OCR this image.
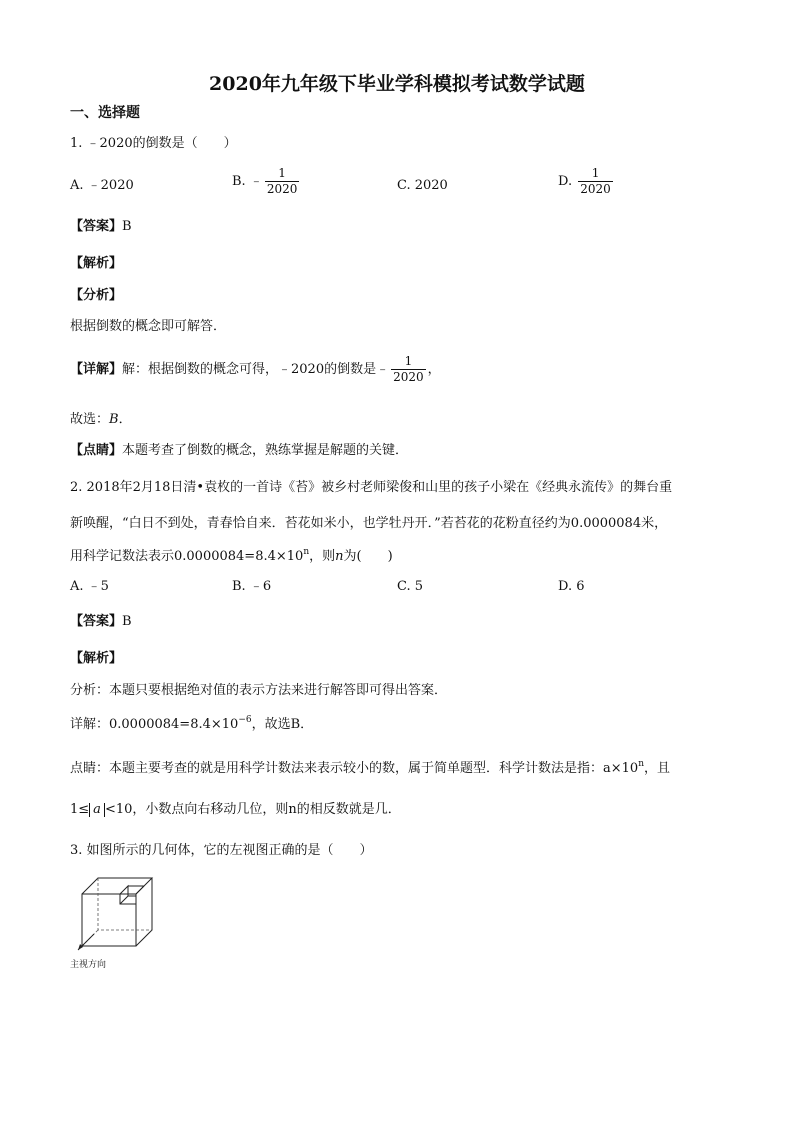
2020年九年级下毕业学科模拟考试数学试题
一、选择题
1. ﹣2020的倒数是（　　）
A. ﹣2020	B. ﹣ $\frac{1}{2020}$	C. 2020	D. $\frac{1}{2020}$
【答案】B
【解析】
【分析】
根据倒数的概念即可解答．
【详解】解：根据倒数的概念可得，﹣2020的倒数是﹣ $\frac{1}{2020}$ ，
故选：B．
【点睛】本题考查了倒数的概念，熟练掌握是解题的关键．
2. 2018年2月18日清•袁枚的一首诗《苔》被乡村老师梁俊和山里的孩子小梁在《经典永流传》的舞台重
新唤醒，“白日不到处，青春恰自来．苔花如米小，也学牡丹开．”若苔花的花粉直径约为0.0000084米，
用科学记数法表示$0.0000084=8.4\times 10^n$，则n为(　　)
A. ﹣5	B. ﹣6	C. 5	D. 6
【答案】B
【解析】
分析：本题只要根据绝对值的表示方法来进行解答即可得出答案．
详解：$0.0000084=8.4\times 10^{-6}$，故选B．
点睛：本题主要考查的就是用科学计数法来表示较小的数，属于简单题型．科学计数法是指：$a\times 10^n$，且
1≤ a <10，小数点向右移动几位，则n的相反数就是几．
3. 如图所示的几何体，它的左视图正确的是（　　）
主视方向
